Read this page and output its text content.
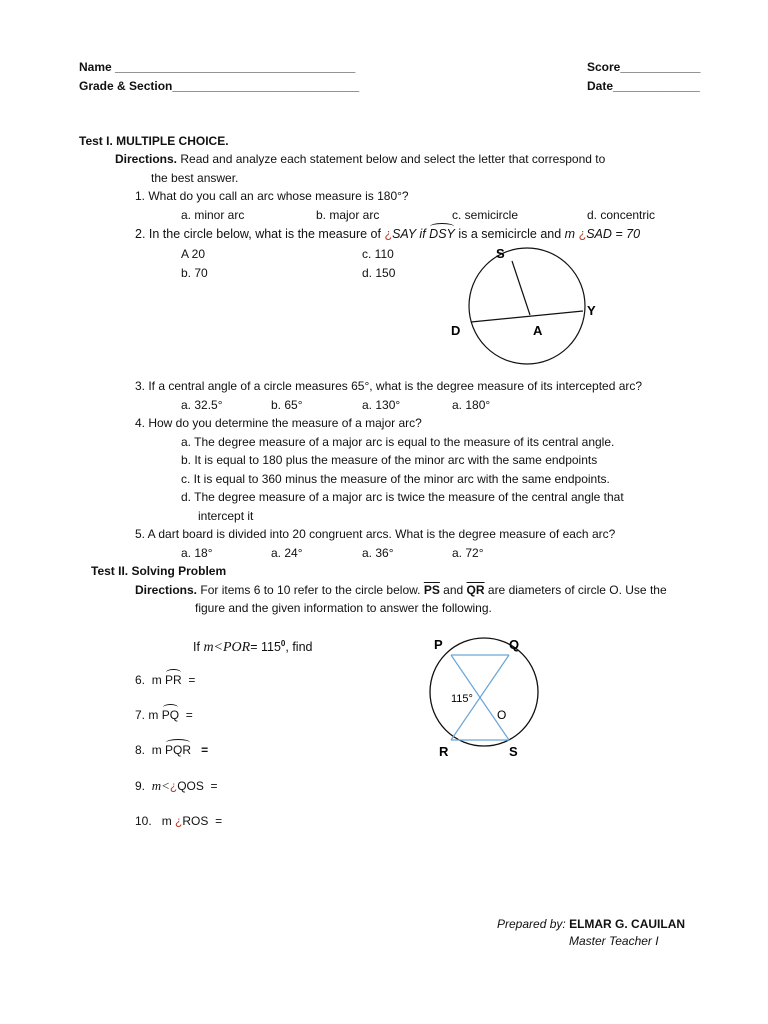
Name ____________________________________
Grade & Section____________________________
Score____________
Date_____________
Test I. MULTIPLE CHOICE.
Directions. Read and analyze each statement below and select the letter that correspond to
the best answer.
1. What do you call an arc whose measure is 180°?
a. minor arc	b. major arc	c. semicircle	d. concentric
2. In the circle below, what is the measure of ¿SAY if DSY is a semicircle and m ¿SAD = 70
A 20	c. 110
b. 70	d. 150
S
Y
D	A
3. If a central angle of a circle measures 65°, what is the degree measure of its intercepted arc?
a. 32.5°	b. 65°	a. 130°	a. 180°
4. How do you determine the measure of a major arc?
a. The degree measure of a major arc is equal to the measure of its central angle.
b. It is equal to 180 plus the measure of the minor arc with the same endpoints
c. It is equal to 360 minus the measure of the minor arc with the same endpoints.
d. The degree measure of a major arc is twice the measure of the central angle that
intercept it
5. A dart board is divided into 20 congruent arcs. What is the degree measure of each arc?
a. 18°	a. 24°	a. 36°	a. 72°
Test II. Solving Problem
Directions. For items 6 to 10 refer to the circle below. $\overline{PS}$ and $\overline{QR}$ are diameters of circle O. Use the
figure and the given information to answer the following.
If $m<POR= 115^0$, find
6. m PR =
7. m PQ =
8. m PQR =
9. m<¿QOS =
10. m ¿ROS =
P	Q
R	S
O
115°
Prepared by: ELMAR G. CAUILAN
Master Teacher I
